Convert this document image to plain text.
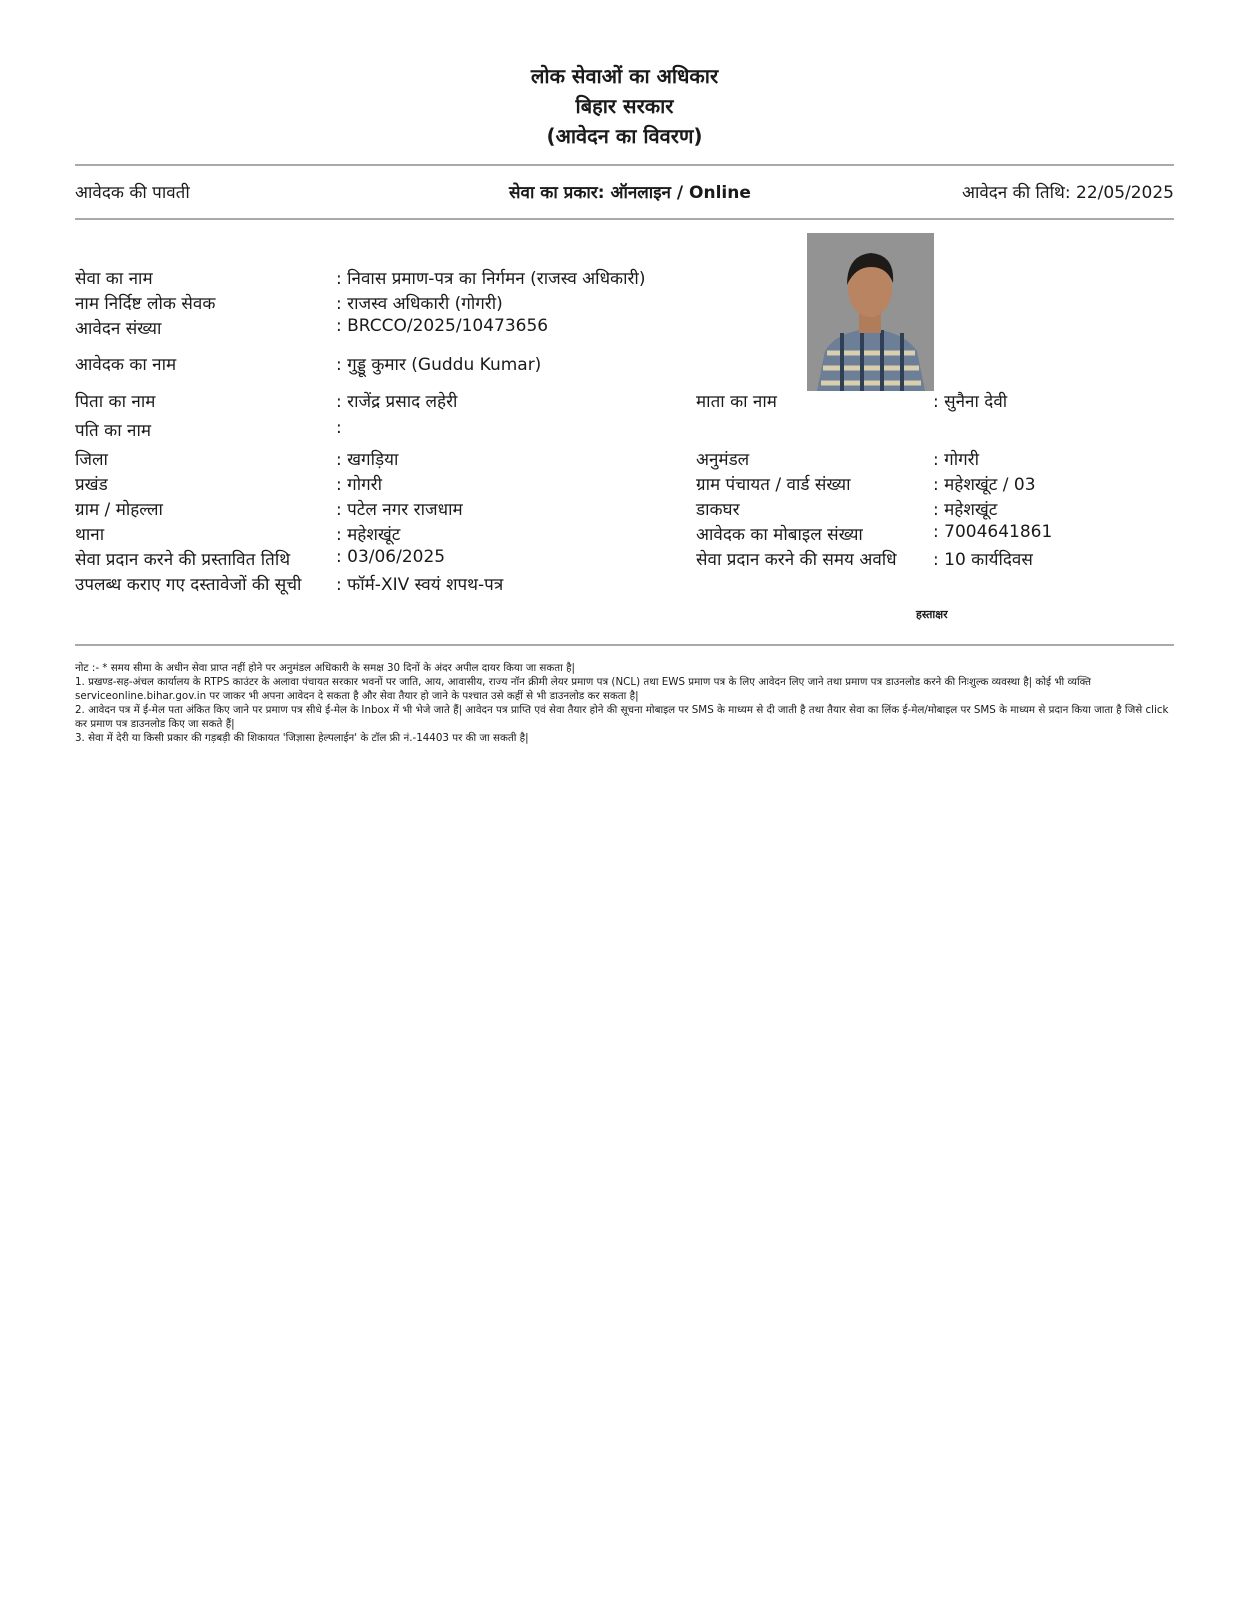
लोक सेवाओं का अधिकार
बिहार सरकार
(आवेदन का विवरण)
आवेदक की पावती	सेवा का प्रकार: ऑनलाइन / Online	आवेदन की तिथि: 22/05/2025
सेवा का नाम	: निवास प्रमाण-पत्र का निर्गमन (राजस्व अधिकारी)
नाम निर्दिष्ट लोक सेवक	: राजस्व अधिकारी (गोगरी)
आवेदन संख्या	: BRCCO/2025/10473656
आवेदक का नाम	: गुड्डू कुमार (Guddu Kumar)
पिता का नाम	: राजेंद्र प्रसाद लहेरी	माता का नाम	: सुनैना देवी
पति का नाम	:
जिला	: खगड़िया	अनुमंडल	: गोगरी
प्रखंड	: गोगरी	ग्राम पंचायत / वार्ड संख्या	: महेशखूंट / 03
ग्राम / मोहल्ला	: पटेल नगर राजधाम	डाकघर	: महेशखूंट
थाना	: महेशखूंट	आवेदक का मोबाइल संख्या	: 7004641861
सेवा प्रदान करने की प्रस्तावित तिथि	: 03/06/2025	सेवा प्रदान करने की समय अवधि : 10 कार्यदिवस
उपलब्ध कराए गए दस्तावेजों की सूची : फॉर्म-XIV स्वयं शपथ-पत्र
हस्ताक्षर

नोट :- * समय सीमा के अधीन सेवा प्राप्त नहीं होने पर अनुमंडल अधिकारी के समक्ष 30 दिनों के अंदर अपील दायर किया जा सकता है|

1. प्रखण्ड-सह-अंचल कार्यालय के RTPS काउंटर के अलावा पंचायत सरकार भवनों पर जाति, आय, आवासीय, राज्य नॉन क्रीमी लेयर प्रमाण पत्र (NCL) तथा EWS प्रमाण पत्र के लिए आवेदन लिए जाने तथा प्रमाण पत्र डाउनलोड करने की निःशुल्क व्यवस्था है| कोई भी व्यक्ति serviceonline.bihar.gov.in पर जाकर भी अपना आवेदन दे सकता है और सेवा तैयार हो जाने के पश्चात उसे कहीं से भी डाउनलोड कर सकता है|

2. आवेदन पत्र में ई-मेल पता अंकित किए जाने पर प्रमाण पत्र सीधे ई-मेल के Inbox में भी भेजे जाते हैं| आवेदन पत्र प्राप्ति एवं सेवा तैयार होने की सूचना मोबाइल पर SMS के माध्यम से दी जाती है तथा तैयार सेवा का लिंक ई-मेल/मोबाइल पर SMS के माध्यम से प्रदान किया जाता है जिसे click कर प्रमाण पत्र डाउनलोड किए जा सकते हैं|

3. सेवा में देरी या किसी प्रकार की गड़बड़ी की शिकायत 'जिज्ञासा हेल्पलाईन' के टॉल फ्री नं.-14403 पर की जा सकती है|
